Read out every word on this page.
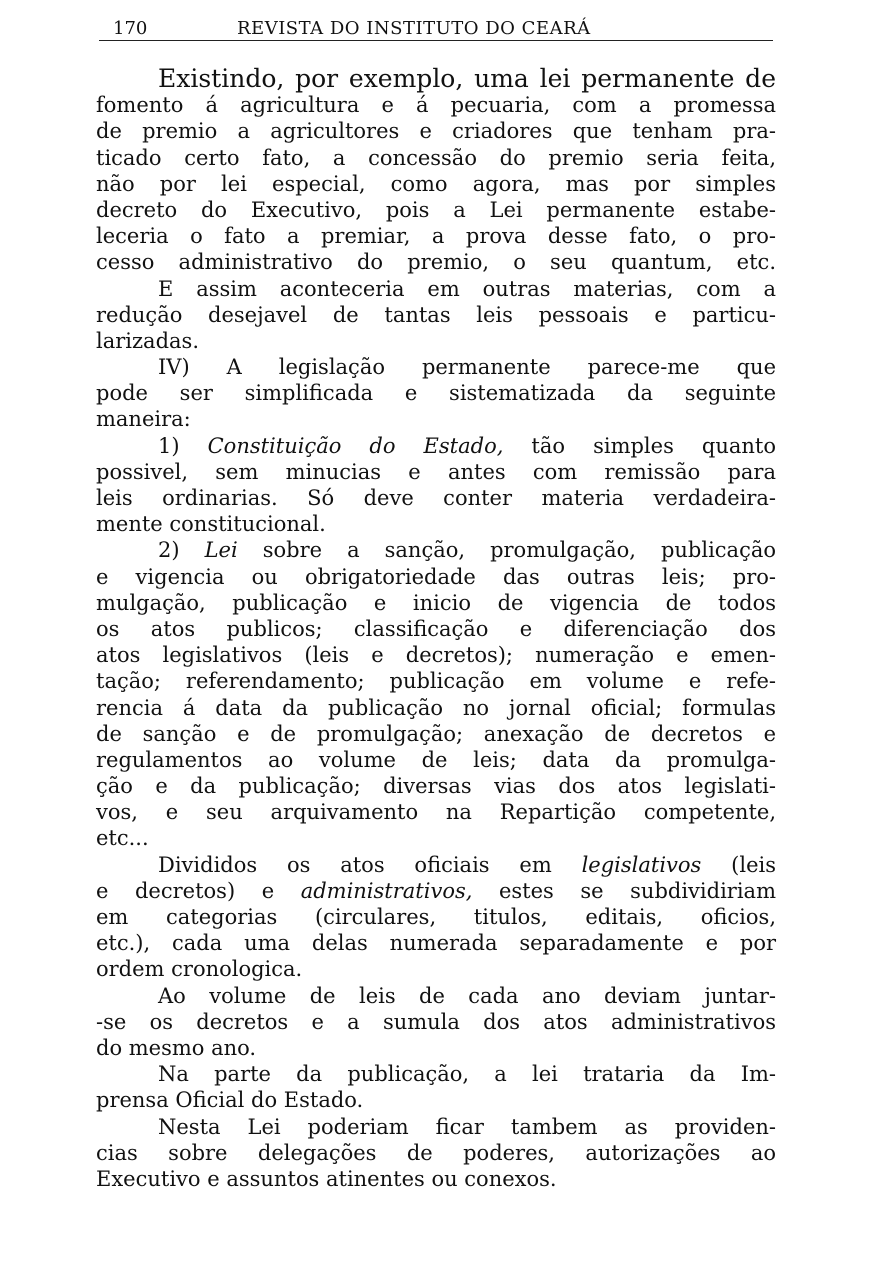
170	REVISTA DO INSTITUTO DO CEARÁ
Existindo, por exemplo, uma lei permanente de
fomento á agricultura e á pecuaria, com a promessa
de premio a agricultores e criadores que tenham pra-
ticado certo fato, a concessão do premio seria feita,
não por lei especial, como agora, mas por simples
decreto do Executivo, pois a Lei permanente estabe-
leceria o fato a premiar, a prova desse fato, o pro-
cesso administrativo do premio, o seu quantum, etc.
E assim aconteceria em outras materias, com a
redução desejavel de tantas leis pessoais e particu-
larizadas.
IV) A legislação permanente parece-me que
pode ser simplificada e sistematizada da seguinte
maneira:
1) Constituição do Estado, tão simples quanto
possivel, sem minucias e antes com remissão para
leis ordinarias. Só deve conter materia verdadeira-
mente constitucional.
2) Lei sobre a sanção, promulgação, publicação
e vigencia ou obrigatoriedade das outras leis; pro-
mulgação, publicação e inicio de vigencia de todos
os atos publicos; classificação e diferenciação dos
atos legislativos (leis e decretos); numeração e emen-
tação; referendamento; publicação em volume e refe-
rencia á data da publicação no jornal oficial; formulas
de sanção e de promulgação; anexação de decretos e
regulamentos ao volume de leis; data da promulga-
ção e da publicação; diversas vias dos atos legislati-
vos, e seu arquivamento na Repartição competente,
etc...
Divididos os atos oficiais em legislativos (leis
e decretos) e administrativos, estes se subdividiriam
em categorias (circulares, titulos, editais, oficios,
etc.), cada uma delas numerada separadamente e por
ordem cronologica.
Ao volume de leis de cada ano deviam juntar-
-se os decretos e a sumula dos atos administrativos
do mesmo ano.
Na parte da publicação, a lei trataria da Im-
prensa Oficial do Estado.
Nesta Lei poderiam ficar tambem as providen-
cias sobre delegações de poderes, autorizações ao
Executivo e assuntos atinentes ou conexos.
